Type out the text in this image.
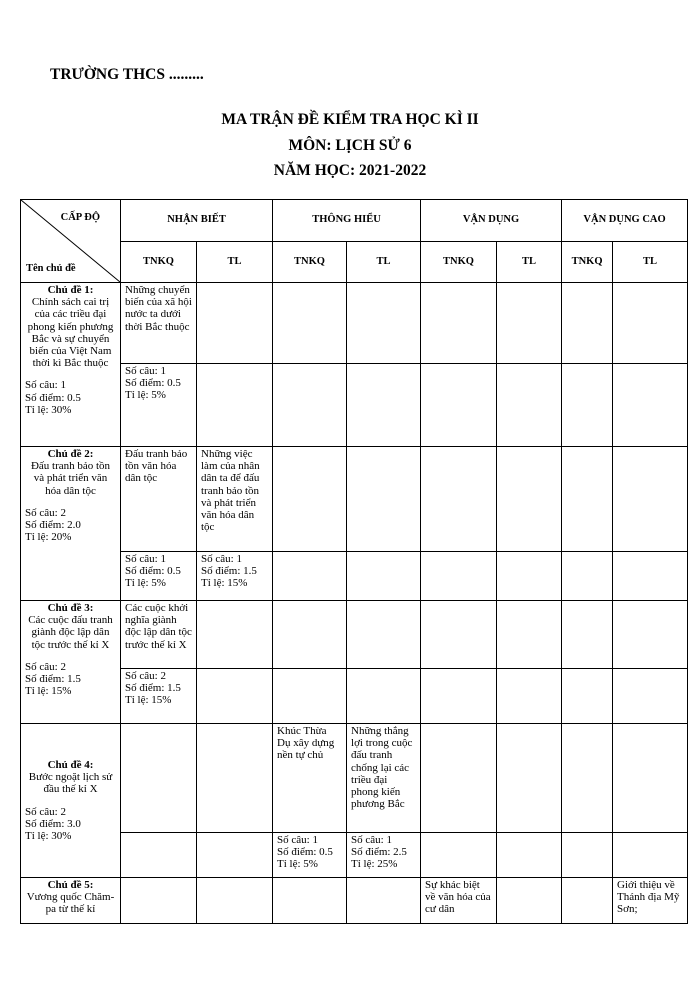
TRƯỜNG THCS .........
MA TRẬN ĐỀ KIỂM TRA HỌC KÌ II
MÔN: LỊCH SỬ 6
NĂM HỌC: 2021-2022
CẤP ĐỘ
Tên chủ đề	NHẬN BIẾT		THÔNG HIỂU		VẬN DỤNG		VẬN DỤNG CAO	
	TNKQ	TL	TNKQ	TL	TNKQ	TL	TNKQ	TL

Chủ đề 1:
Chính sách cai trị của các triều đại phong kiến phương Bắc và sự chuyển biến của Việt Nam thời kì Bắc thuộc
Số câu: 1
Số điểm: 0.5
Tỉ lệ: 30%	Những chuyển biến của xã hội nước ta dưới thời Bắc thuộc							

	Số câu: 1
Số điểm: 0.5
Tỉ lệ: 5%							

Chủ đề 2:
Đấu tranh bảo tồn và phát triển văn hóa dân tộc
Số câu: 2
Số điểm: 2.0
Tỉ lệ: 20%	Đấu tranh bảo tồn văn hóa dân tộc	Những việc làm của nhân dân ta để đấu tranh bảo tồn và phát triển văn hóa dân tộc						

	Số câu: 1
Số điểm: 0.5
Tỉ lệ: 5%	Số câu: 1
Số điểm: 1.5
Tỉ lệ: 15%						

Chủ đề 3:
Các cuộc đấu tranh giành độc lập dân tộc trước thế kỉ X
Số câu: 2
Số điểm: 1.5
Tỉ lệ: 15%	Các cuộc khởi nghĩa giành độc lập dân tộc trước thế kỉ X							

	Số câu: 2
Số điểm: 1.5
Tỉ lệ: 15%							

Chủ đề 4:
Bước ngoặt lịch sử đầu thế kỉ X
Số câu: 2
Số điểm: 3.0
Tỉ lệ: 30%			Khúc Thừa Dụ xây dựng nền tự chủ	Những thắng lợi trong cuộc đấu tranh chống lại các triều đại phong kiến phương Bắc				

			Số câu: 1
Số điểm: 0.5
Tỉ lệ: 5%	Số câu: 1
Số điểm: 2.5
Tỉ lệ: 25%				

Chủ đề 5:
Vương quốc Chăm-pa từ thế kỉ					Sự khác biệt về văn hóa của cư dân			Giới thiệu về Thánh địa Mỹ Sơn;
